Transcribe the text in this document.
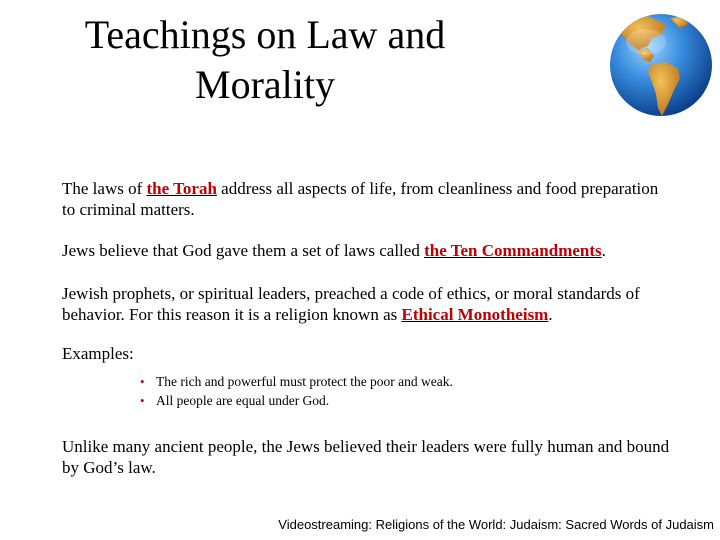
Teachings on Law and
Morality

The laws of the Torah address all aspects of life, from cleanliness and food preparation to criminal matters.

Jews believe that God gave them a set of laws called the Ten Commandments.

Jewish prophets, or spiritual leaders, preached a code of ethics, or moral standards of behavior. For this reason it is a religion known as Ethical Monotheism.

Examples:

• The rich and powerful must protect the poor and weak.
• All people are equal under God.

Unlike many ancient people, the Jews believed their leaders were fully human and bound by God’s law.

Videostreaming: Religions of the World: Judaism: Sacred Words of Judaism
